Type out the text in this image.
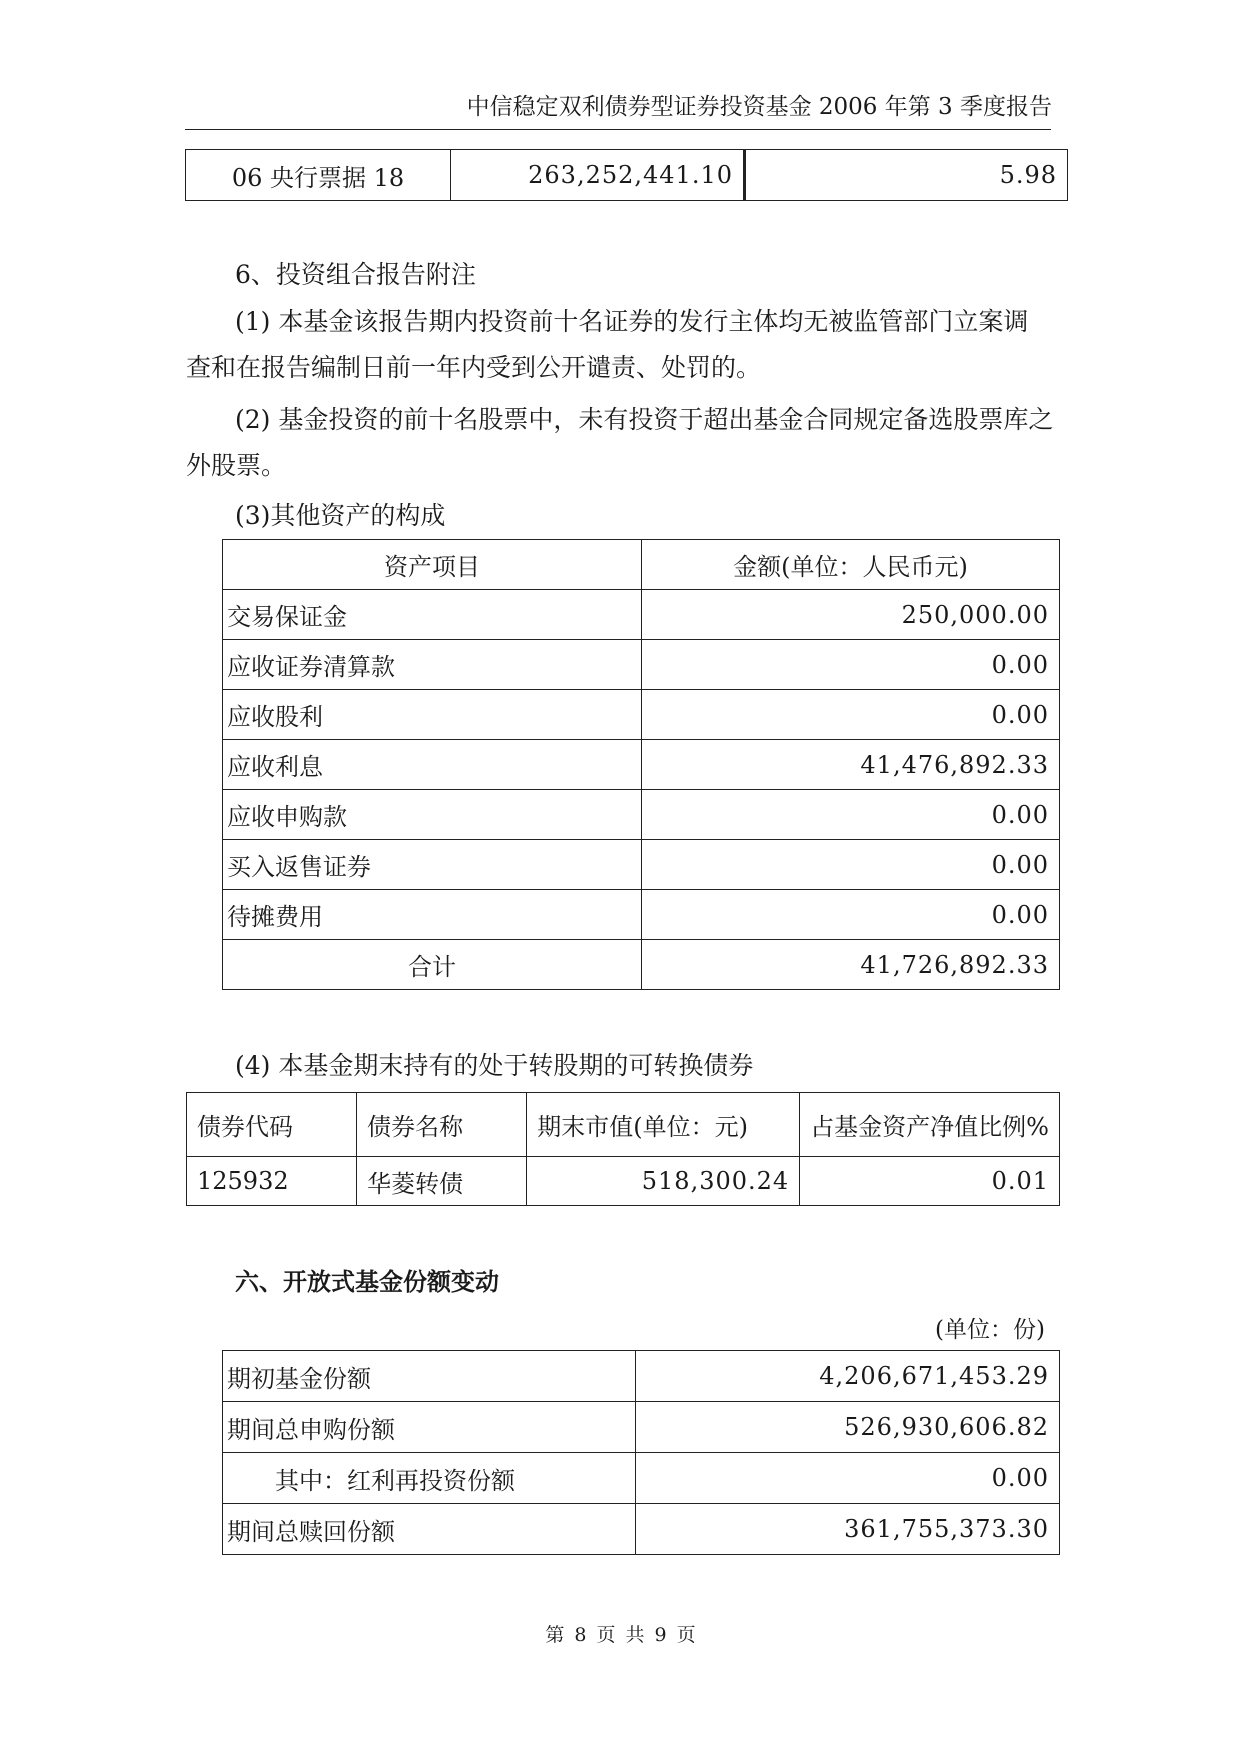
中信稳定双利债券型证券投资基金 2006 年第 3 季度报告
06 央行票据 18	263,252,441.10	5.98
6、投资组合报告附注
(1) 本基金该报告期内投资前十名证券的发行主体均无被监管部门立案调
查和在报告编制日前一年内受到公开谴责、处罚的。
(2) 基金投资的前十名股票中，未有投资于超出基金合同规定备选股票库之
外股票。
(3)其他资产的构成
资产项目	金额(单位：人民币元)
交易保证金	250,000.00
应收证券清算款	0.00
应收股利	0.00
应收利息	41,476,892.33
应收申购款	0.00
买入返售证券	0.00
待摊费用	0.00
合计	41,726,892.33
(4) 本基金期末持有的处于转股期的可转换债券
债券代码	债券名称	期末市值(单位：元)	占基金资产净值比例%
125932	华菱转债	518,300.24	0.01
六、开放式基金份额变动
(单位：份)
期初基金份额	4,206,671,453.29
期间总申购份额	526,930,606.82
其中：红利再投资份额	0.00
期间总赎回份额	361,755,373.30
第 8 页 共 9 页
